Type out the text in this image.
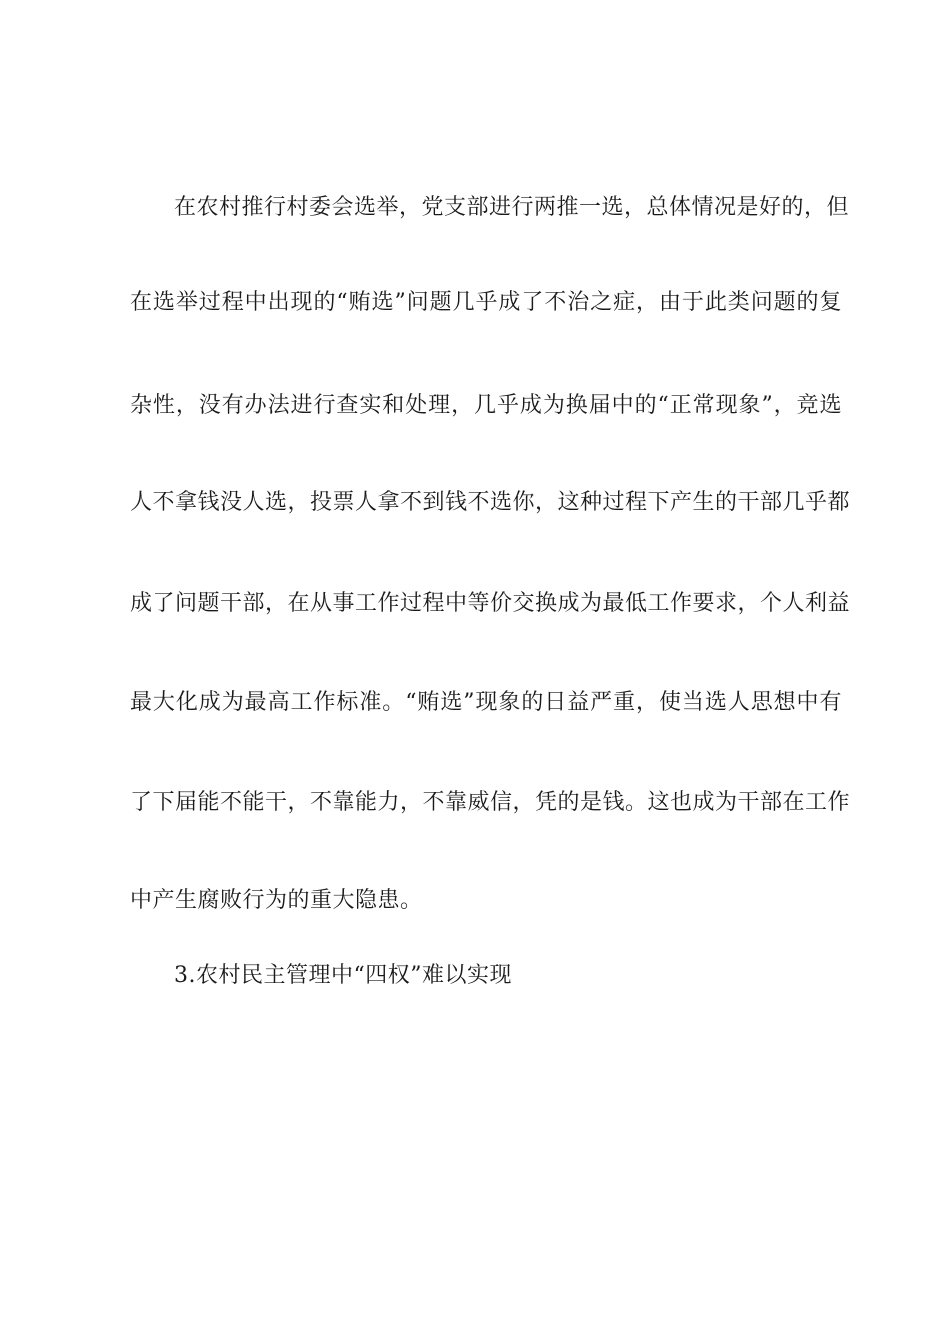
在农村推行村委会选举，党支部进行两推一选，总体情况是好的，但
在选举过程中出现的“贿选”问题几乎成了不治之症，由于此类问题的复
杂性，没有办法进行查实和处理，几乎成为换届中的“正常现象”，竞选
人不拿钱没人选，投票人拿不到钱不选你，这种过程下产生的干部几乎都
成了问题干部，在从事工作过程中等价交换成为最低工作要求，个人利益
最大化成为最高工作标准。“贿选”现象的日益严重，使当选人思想中有
了下届能不能干，不靠能力，不靠威信，凭的是钱。这也成为干部在工作
中产生腐败行为的重大隐患。
3.农村民主管理中“四权”难以实现
